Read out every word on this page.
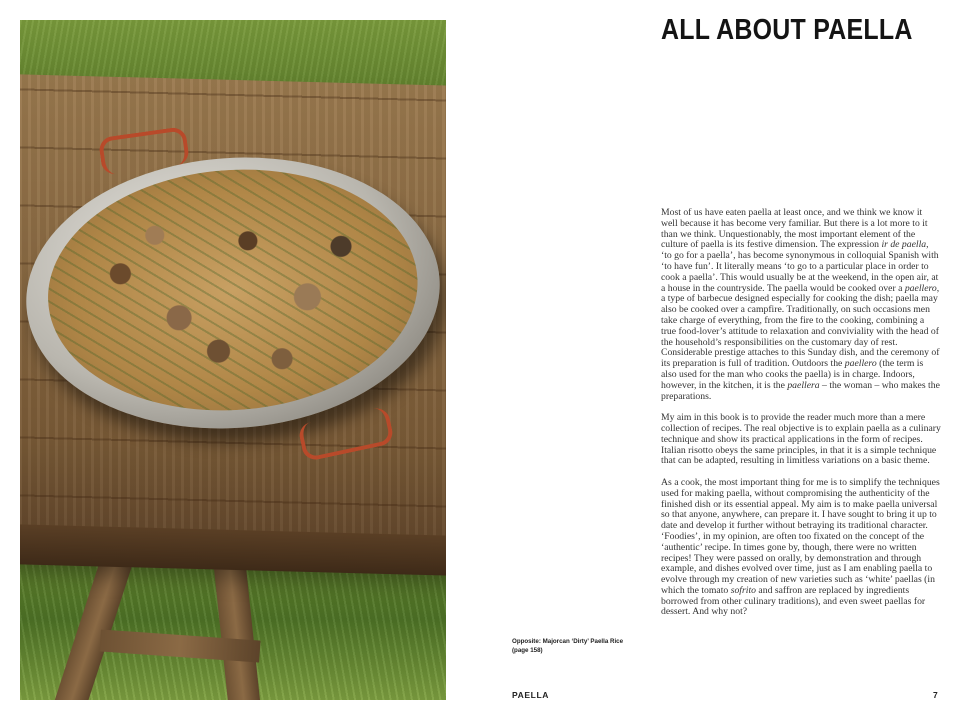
Opposite: Majorcan ‘Dirty’ Paella Rice
(page 158)
ALL ABOUT PAELLA

Most of us have eaten paella at least once, and we think we know it well because it has become very familiar. But there is a lot more to it than we think. Unquestionably, the most important element of the culture of paella is its festive dimension. The expression ir de paella, ‘to go for a paella’, has become synonymous in colloquial Spanish with ‘to have fun’. It literally means ‘to go to a particular place in order to cook a paella’. This would usually be at the weekend, in the open air, at a house in the countryside. The paella would be cooked over a paellero, a type of barbecue designed especially for cooking the dish; paella may also be cooked over a campfire. Traditionally, on such occasions men take charge of everything, from the fire to the cooking, combining a true food-lover’s attitude to relaxation and conviviality with the head of the household’s responsibilities on the customary day of rest. Considerable prestige attaches to this Sunday dish, and the ceremony of its preparation is full of tradition. Outdoors the paellero (the term is also used for the man who cooks the paella) is in charge. Indoors, however, in the kitchen, it is the paellera – the woman – who makes the preparations.

My aim in this book is to provide the reader much more than a mere collection of recipes. The real objective is to explain paella as a culinary technique and show its practical applications in the form of recipes. Italian risotto obeys the same principles, in that it is a simple technique that can be adapted, resulting in limitless variations on a basic theme.

As a cook, the most important thing for me is to simplify the techniques used for making paella, without compromising the authenticity of the finished dish or its essential appeal. My aim is to make paella universal so that anyone, anywhere, can prepare it. I have sought to bring it up to date and develop it further without betraying its traditional character. ‘Foodies’, in my opinion, are often too fixated on the concept of the ‘authentic’ recipe. In times gone by, though, there were no written recipes! They were passed on orally, by demonstration and through example, and dishes evolved over time, just as I am enabling paella to evolve through my creation of new varieties such as ‘white’ paellas (in which the tomato sofrito and saffron are replaced by ingredients borrowed from other culinary traditions), and even sweet paellas for dessert. And why not?

PAELLA	7
